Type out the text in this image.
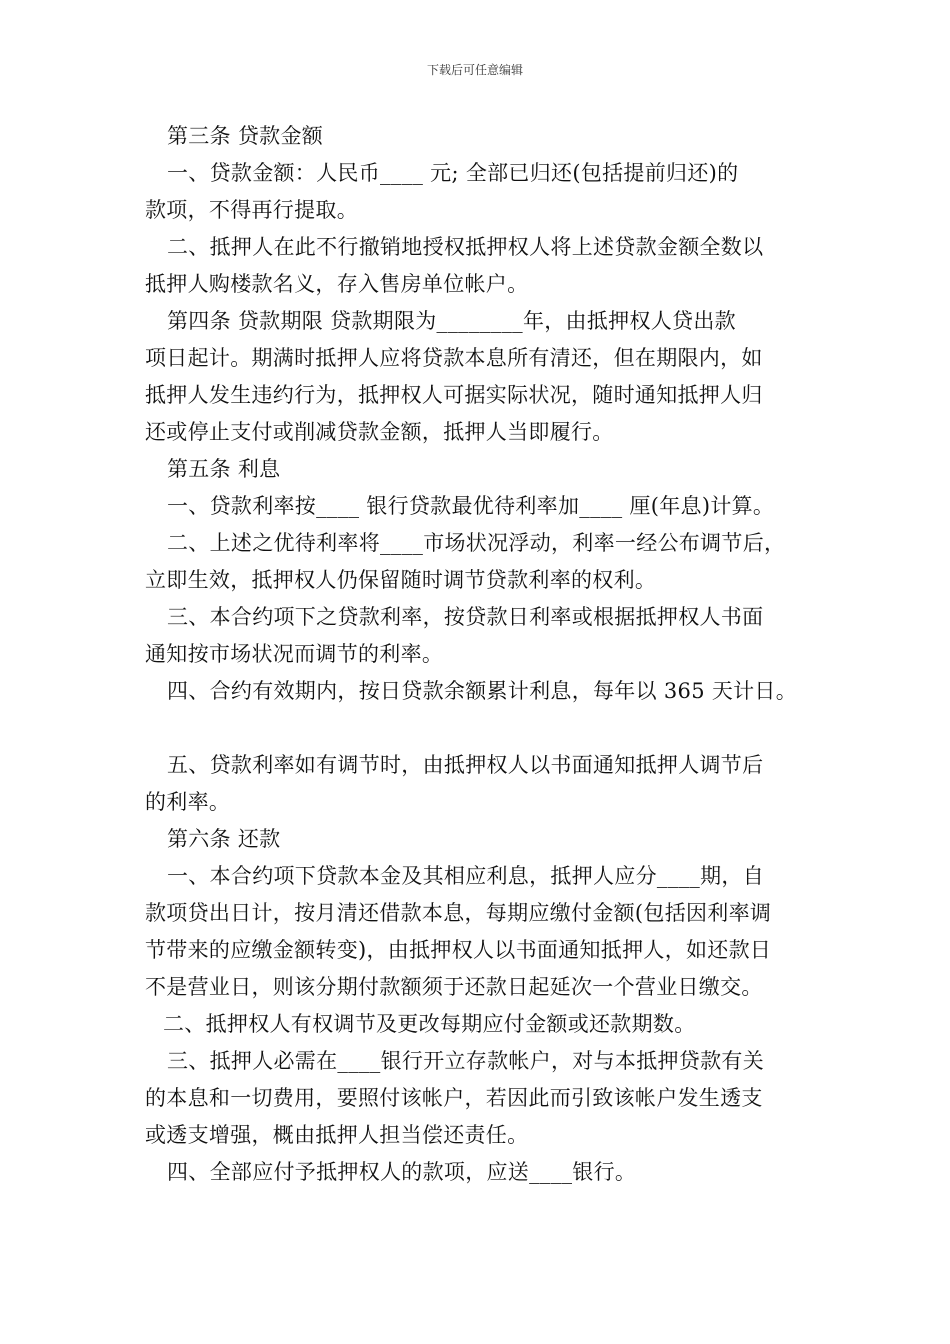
下载后可任意编辑
第三条 贷款金额
一、贷款金额：人民币____ 元; 全部已归还(包括提前归还)的
款项，不得再行提取。
二、抵押人在此不行撤销地授权抵押权人将上述贷款金额全数以
抵押人购楼款名义，存入售房单位帐户。
第四条 贷款期限 贷款期限为________年，由抵押权人贷出款
项日起计。期满时抵押人应将贷款本息所有清还，但在期限内，如
抵押人发生违约行为，抵押权人可据实际状况，随时通知抵押人归
还或停止支付或削减贷款金额，抵押人当即履行。
第五条 利息
一、贷款利率按____ 银行贷款最优待利率加____ 厘(年息)计算。
二、上述之优待利率将____市场状况浮动，利率一经公布调节后，
立即生效，抵押权人仍保留随时调节贷款利率的权利。
三、本合约项下之贷款利率，按贷款日利率或根据抵押权人书面
通知按市场状况而调节的利率。
四、合约有效期内，按日贷款余额累计利息，每年以 365 天计日。
五、贷款利率如有调节时，由抵押权人以书面通知抵押人调节后
的利率。
第六条 还款
一、本合约项下贷款本金及其相应利息，抵押人应分____期，自
款项贷出日计，按月清还借款本息，每期应缴付金额(包括因利率调
节带来的应缴金额转变)，由抵押权人以书面通知抵押人，如还款日
不是营业日，则该分期付款额须于还款日起延次一个营业日缴交。
二、抵押权人有权调节及更改每期应付金额或还款期数。
三、抵押人必需在____银行开立存款帐户，对与本抵押贷款有关
的本息和一切费用，要照付该帐户，若因此而引致该帐户发生透支
或透支增强，概由抵押人担当偿还责任。
四、全部应付予抵押权人的款项，应送____银行。
